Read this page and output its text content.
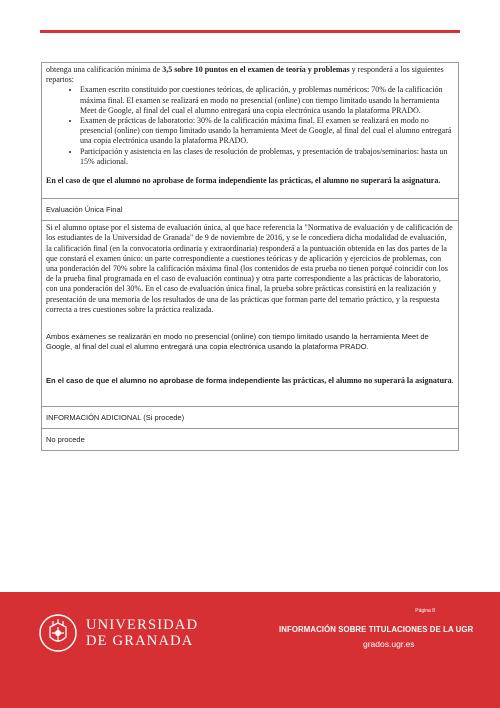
obtenga una calificación mínima de 3,5 sobre 10 puntos en el examen de teoría y problemas y responderá a los siguientes repartos:

• Examen escrito constituido por cuestiones teóricas, de aplicación, y problemas numéricos: 70% de la calificación máxima final. El examen se realizará en modo no presencial (online) con tiempo limitado usando la herramienta Meet de Google, al final del cual el alumno entregará una copia electrónica usando la plataforma PRADO.
• Examen de prácticas de laboratorio: 30% de la calificación máxima final. El examen se realizará en modo no presencial (online) con tiempo limitado usando la herramienta Meet de Google, al final del cual el alumno entregará una copia electrónica usando la plataforma PRADO.
• Participación y asistencia en las clases de resolución de problemas, y presentación de trabajos/seminarios: hasta un 15% adicional.

En el caso de que el alumno no aprobase de forma independiente las prácticas, el alumno no superará la asignatura.

Evaluación Única Final

Si el alumno optase por el sistema de evaluación única, al que hace referencia la "Normativa de evaluación y de calificación de los estudiantes de la Universidad de Granada" de 9 de noviembre de 2016, y se le concediera dicha modalidad de evaluación, la calificación final (en la convocatoria ordinaria y extraordinaria) responderá a la puntuación obtenida en las dos partes de la que constará el examen único: un parte correspondiente a cuestiones teóricas y de aplicación y ejercicios de problemas, con una ponderación del 70% sobre la calificación máxima final (los contenidos de esta prueba no tienen porqué coincidir con los de la prueba final programada en el caso de evaluación continua) y otra parte correspondiente a las prácticas de laboratorio, con una ponderación del 30%. En el caso de evaluación única final, la prueba sobre prácticas consistirá en la realización y presentación de una memoria de los resultados de una de las prácticas que forman parte del temario práctico, y la respuesta correcta a tres cuestiones sobre la práctica realizada.

Ambos exámenes se realizarán en modo no presencial (online) con tiempo limitado usando la herramienta Meet de Google, al final del cual el alumno entregará una copia electrónica usando la plataforma PRADO.

En el caso de que el alumno no aprobase de forma independiente las prácticas, el alumno no superará la asignatura.

INFORMACIÓN ADICIONAL (Si procede)
No procede
UNIVERSIDAD
DE GRANADA
Página 8
INFORMACIÓN SOBRE TITULACIONES DE LA UGR
grados.ugr.es
